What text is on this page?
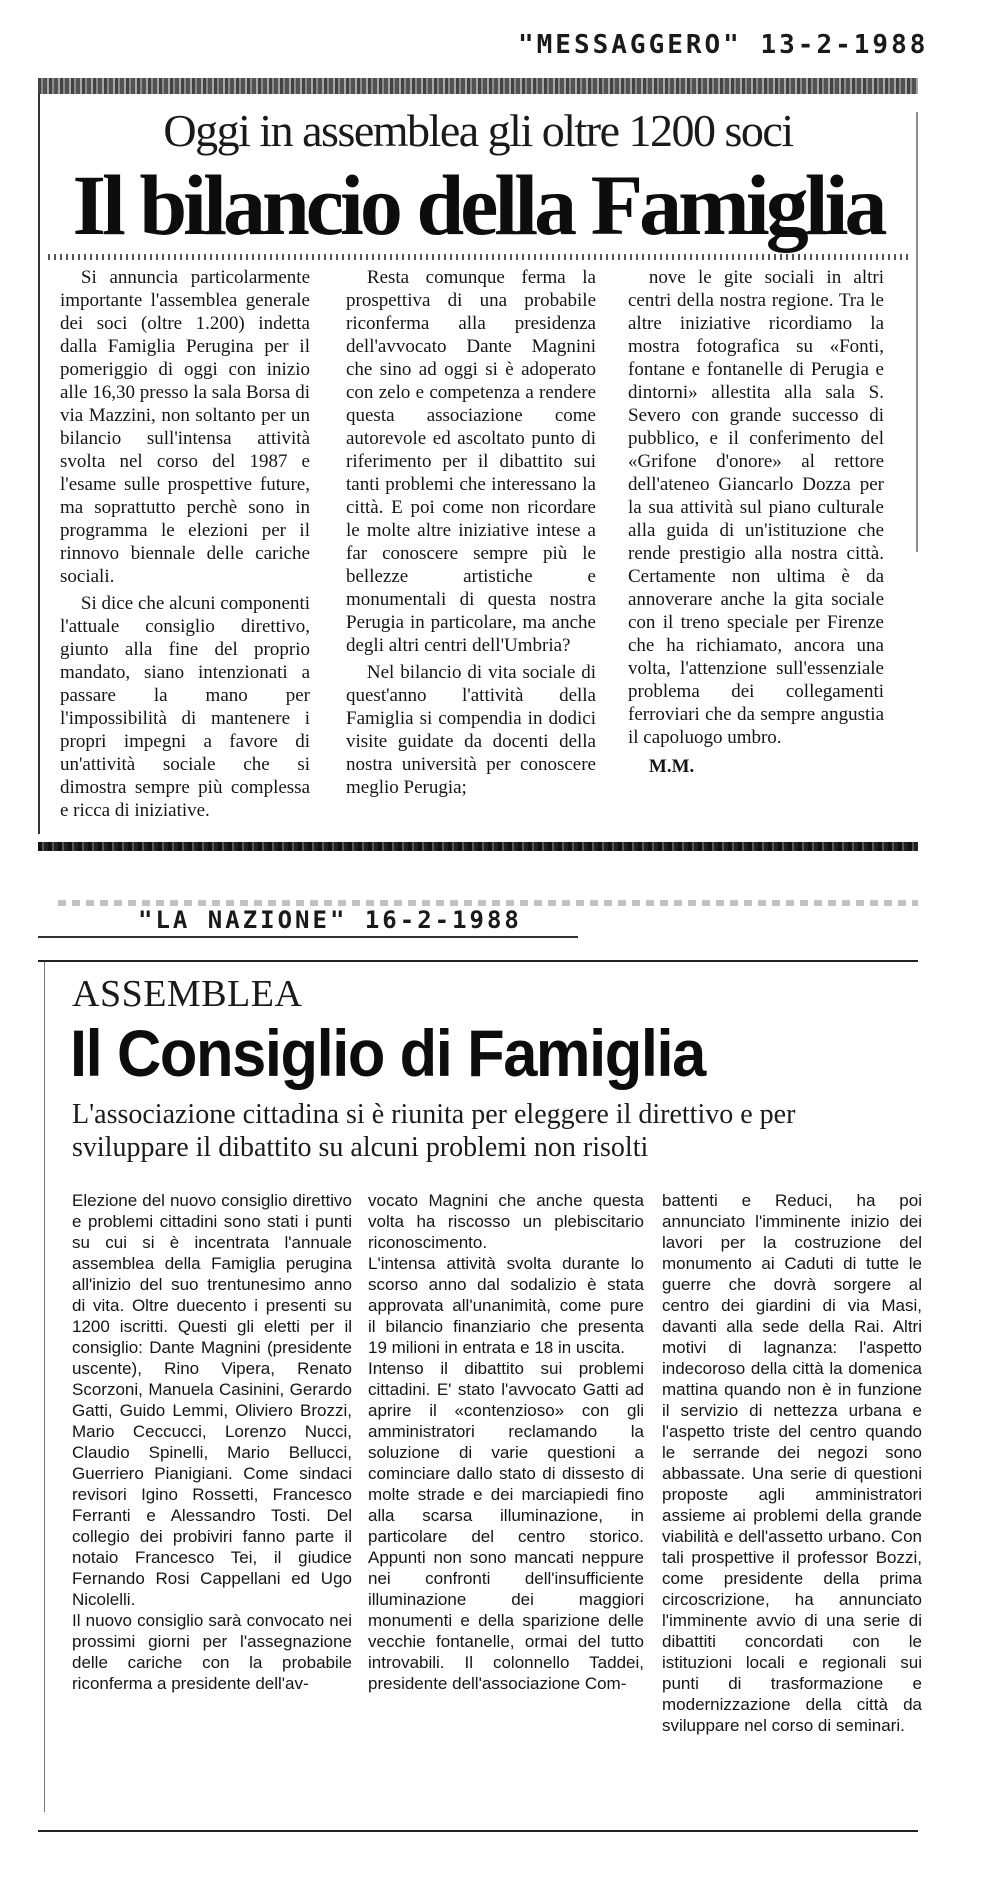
"MESSAGGERO" 13-2-1988
Oggi in assemblea gli oltre 1200 soci
Il bilancio della Famiglia

Si annuncia particolarmente importante l'assemblea generale dei soci (oltre 1.200) indetta dalla Famiglia Perugina per il pomeriggio di oggi con inizio alle 16,30 presso la sala Borsa di via Mazzini, non soltanto per un bilancio sull'intensa attività svolta nel corso del 1987 e l'esame sulle prospettive future, ma soprattutto perchè sono in programma le elezioni per il rinnovo biennale delle cariche sociali.

Si dice che alcuni componenti l'attuale consiglio direttivo, giunto alla fine del proprio mandato, siano intenzionati a passare la mano per l'impossibilità di mantenere i propri impegni a favore di un'attività sociale che si dimostra sempre più complessa e ricca di iniziative.

Resta comunque ferma la prospettiva di una probabile riconferma alla presidenza dell'avvocato Dante Magnini che sino ad oggi si è adoperato con zelo e competenza a rendere questa associazione come autorevole ed ascoltato punto di riferimento per il dibattito sui tanti problemi che interessano la città. E poi come non ricordare le molte altre iniziative intese a far conoscere sempre più le bellezze artistiche e monumentali di questa nostra Perugia in particolare, ma anche degli altri centri dell'Umbria?

Nel bilancio di vita sociale di quest'anno l'attività della Famiglia si compendia in dodici visite guidate da docenti della nostra università per conoscere meglio Perugia;

nove le gite sociali in altri centri della nostra regione. Tra le altre iniziative ricordiamo la mostra fotografica su «Fonti, fontane e fontanelle di Perugia e dintorni» allestita alla sala S. Severo con grande successo di pubblico, e il conferimento del «Grifone d'onore» al rettore dell'ateneo Giancarlo Dozza per la sua attività sul piano culturale alla guida di un'istituzione che rende prestigio alla nostra città. Certamente non ultima è da annoverare anche la gita sociale con il treno speciale per Firenze che ha richiamato, ancora una volta, l'attenzione sull'essenziale problema dei collegamenti ferroviari che da sempre angustia il capoluogo umbro.

M.M.

"LA NAZIONE" 16-2-1988
ASSEMBLEA
Il Consiglio di Famiglia
L'associazione cittadina si è riunita per eleggere il direttivo e per sviluppare il dibattito su alcuni problemi non risolti

Elezione del nuovo consiglio direttivo e problemi cittadini sono stati i punti su cui si è incentrata l'annuale assemblea della Famiglia perugina all'inizio del suo trentunesimo anno di vita. Oltre duecento i presenti su 1200 iscritti. Questi gli eletti per il consiglio: Dante Magnini (presidente uscente), Rino Vipera, Renato Scorzoni, Manuela Casinini, Gerardo Gatti, Guido Lemmi, Oliviero Brozzi, Mario Ceccucci, Lorenzo Nucci, Claudio Spinelli, Mario Bellucci, Guerriero Pianigiani. Come sindaci revisori Igino Rossetti, Francesco Ferranti e Alessandro Tosti. Del collegio dei probiviri fanno parte il notaio Francesco Tei, il giudice Fernando Rosi Cappellani ed Ugo Nicolelli.

Il nuovo consiglio sarà convocato nei prossimi giorni per l'assegnazione delle cariche con la probabile riconferma a presidente dell'av-

vocato Magnini che anche questa volta ha riscosso un plebiscitario riconoscimento.

L'intensa attività svolta durante lo scorso anno dal sodalizio è stata approvata all'unanimità, come pure il bilancio finanziario che presenta 19 milioni in entrata e 18 in uscita.

Intenso il dibattito sui problemi cittadini. E' stato l'avvocato Gatti ad aprire il «contenzioso» con gli amministratori reclamando la soluzione di varie questioni a cominciare dallo stato di dissesto di molte strade e dei marciapiedi fino alla scarsa illuminazione, in particolare del centro storico. Appunti non sono mancati neppure nei confronti dell'insufficiente illuminazione dei maggiori monumenti e della sparizione delle vecchie fontanelle, ormai del tutto introvabili. Il colonnello Taddei, presidente dell'associazione Com-

battenti e Reduci, ha poi annunciato l'imminente inizio dei lavori per la costruzione del monumento ai Caduti di tutte le guerre che dovrà sorgere al centro dei giardini di via Masi, davanti alla sede della Rai. Altri motivi di lagnanza: l'aspetto indecoroso della città la domenica mattina quando non è in funzione il servizio di nettezza urbana e l'aspetto triste del centro quando le serrande dei negozi sono abbassate. Una serie di questioni proposte agli amministratori assieme ai problemi della grande viabilità e dell'assetto urbano. Con tali prospettive il professor Bozzi, come presidente della prima circoscrizione, ha annunciato l'imminente avvio di una serie di dibattiti concordati con le istituzioni locali e regionali sui punti di trasformazione e modernizzazione della città da sviluppare nel corso di seminari.
